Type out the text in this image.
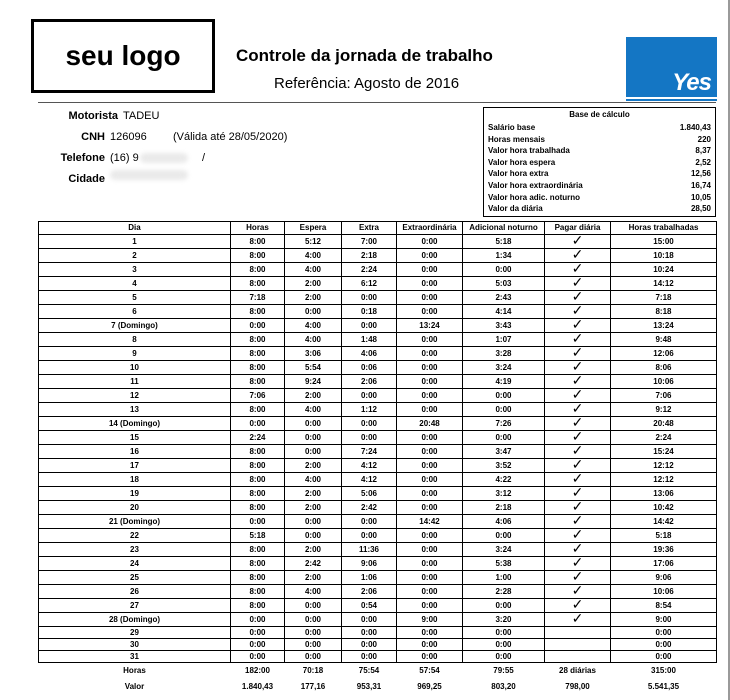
seu logo	Controle da jornada de trabalho
Referência: Agosto de 2016	Yes
Motorista TADEU
CNH 126096 (Válida até 28/05/2020)
Telefone (16) 9	/
Cidade
Base de cálculo
Salário base	1.840,43
Horas mensais	220
Valor hora trabalhada	8,37
Valor hora espera	2,52
Valor hora extra	12,56
Valor hora extraordinária	16,74
Valor hora adic. noturno	10,05
Valor da diária	28,50
Dia	Horas	Espera	Extra	Extraordinária	Adicional noturno	Pagar diária	Horas trabalhadas
1	8:00	5:12	7:00	0:00	5:18	✓	15:00
2	8:00	4:00	2:18	0:00	1:34	✓	10:18
3	8:00	4:00	2:24	0:00	0:00	✓	10:24
4	8:00	2:00	6:12	0:00	5:03	✓	14:12
5	7:18	2:00	0:00	0:00	2:43	✓	7:18
6	8:00	0:00	0:18	0:00	4:14	✓	8:18
7 (Domingo)	0:00	4:00	0:00	13:24	3:43	✓	13:24
8	8:00	4:00	1:48	0:00	1:07	✓	9:48
9	8:00	3:06	4:06	0:00	3:28	✓	12:06
10	8:00	5:54	0:06	0:00	3:24	✓	8:06
11	8:00	9:24	2:06	0:00	4:19	✓	10:06
12	7:06	2:00	0:00	0:00	0:00	✓	7:06
13	8:00	4:00	1:12	0:00	0:00	✓	9:12
14 (Domingo)	0:00	0:00	0:00	20:48	7:26	✓	20:48
15	2:24	0:00	0:00	0:00	0:00	✓	2:24
16	8:00	0:00	7:24	0:00	3:47	✓	15:24
17	8:00	2:00	4:12	0:00	3:52	✓	12:12
18	8:00	4:00	4:12	0:00	4:22	✓	12:12
19	8:00	2:00	5:06	0:00	3:12	✓	13:06
20	8:00	2:00	2:42	0:00	2:18	✓	10:42
21 (Domingo)	0:00	0:00	0:00	14:42	4:06	✓	14:42
22	5:18	0:00	0:00	0:00	0:00	✓	5:18
23	8:00	2:00	11:36	0:00	3:24	✓	19:36
24	8:00	2:42	9:06	0:00	5:38	✓	17:06
25	8:00	2:00	1:06	0:00	1:00	✓	9:06
26	8:00	4:00	2:06	0:00	2:28	✓	10:06
27	8:00	0:00	0:54	0:00	0:00	✓	8:54
28 (Domingo)	0:00	0:00	0:00	9:00	3:20	✓	9:00
29	0:00	0:00	0:00	0:00	0:00		0:00
30	0:00	0:00	0:00	0:00	0:00		0:00
31	0:00	0:00	0:00	0:00	0:00		0:00
Horas	182:00	70:18	75:54	57:54	79:55	28 diárias	315:00
Valor	1.840,43	177,16	953,31	969,25	803,20	798,00	5.541,35
